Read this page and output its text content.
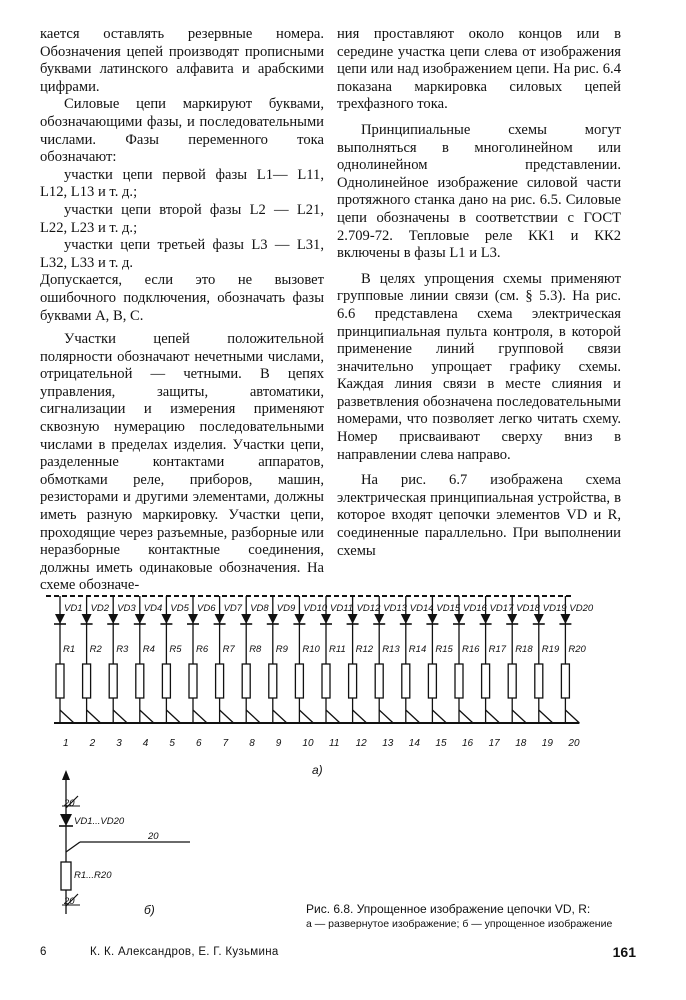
кается оставлять резервные номера. Обозначения цепей производят прописными буквами латинского алфавита и арабскими цифрами.

Силовые цепи маркируют буквами, обозначающими фазы, и последовательными числами. Фазы переменного тока обозначают:

участки цепи первой фазы L1— L11, L12, L13 и т. д.;

участки цепи второй фазы L2 — L21, L22, L23 и т. д.;

участки цепи третьей фазы L3 — L31, L32, L33 и т. д.

Допускается, если это не вызовет ошибочного подключения, обозначать фазы буквами A, B, C.

Участки цепей положительной полярности обозначают нечетными числами, отрицательной — четными. В цепях управления, защиты, автоматики, сигнализации и измерения применяют сквозную нумерацию последовательными числами в пределах изделия. Участки цепи, разделенные контактами аппаратов, обмотками реле, приборов, машин, резисторами и другими элементами, должны иметь разную маркировку. Участки цепи, проходящие через разъемные, разборные или неразборные контактные соединения, должны иметь одинаковые обозначения. На схеме обозначе-

ния проставляют около концов или в середине участка цепи слева от изображения цепи или над изображением цепи. На рис. 6.4 показана маркировка силовых цепей трехфазного тока.

Принципиальные схемы могут выполняться в многолинейном или однолинейном представлении. Однолинейное изображение силовой части протяжного станка дано на рис. 6.5. Силовые цепи обозначены в соответствии с ГОСТ 2.709-72. Тепловые реле КК1 и КК2 включены в фазы L1 и L3.

В целях упрощения схемы применяют групповые линии связи (см. § 5.3). На рис. 6.6 представлена схема электрическая принципиальная пульта контроля, в которой применение линий групповой связи значительно упрощает графику схемы. Каждая линия связи в месте слияния и разветвления обозначена последовательными номерами, что позволяет легко читать схему. Номер присваивают сверху вниз в направлении слева направо.

На рис. 6.7 изображена схема электрическая принципиальная устройства, в которое входят цепочки элементов VD и R, соединенные параллельно. При выполнении схемы

VD1
R1
1
VD2
R2
2
VD3
R3
3
VD4
R4
4
VD5
R5
5
VD6
R6
6
VD7
R7
7
VD8
R8
8
VD9
R9
9
VD10
R10
10
VD11
R11
11
VD12
R12
12
VD13
R13
13
VD14
R14
14
VD15
R15
15
VD16
R16
16
VD17
R17
17
VD18
R18
18
VD19
R19
19
VD20
R20
20
а)
20
VD1...VD20
20
R1...R20
20
б)	Рис. 6.8. Упрощенное изображение цепочки VD, R:
а — развернутое изображение; б — упрощенное изображение
6	К. К. Александров, Е. Г. Кузьмина	161
